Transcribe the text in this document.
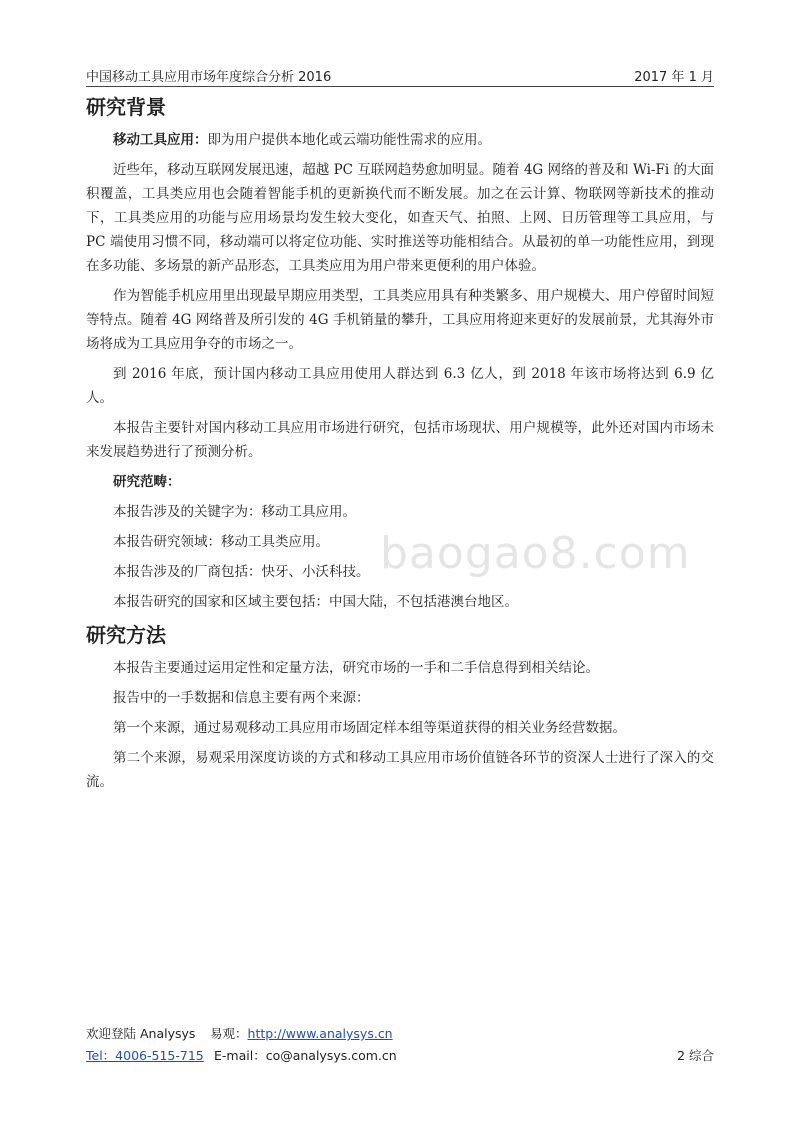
中国移动工具应用市场年度综合分析 2016	2017 年 1 月
研究背景

移动工具应用：即为用户提供本地化或云端功能性需求的应用。

近些年，移动互联网发展迅速，超越 PC 互联网趋势愈加明显。随着 4G 网络的普及和 Wi-Fi 的大面积覆盖，工具类应用也会随着智能手机的更新换代而不断发展。加之在云计算、物联网等新技术的推动下，工具类应用的功能与应用场景均发生较大变化，如查天气、拍照、上网、日历管理等工具应用，与 PC 端使用习惯不同，移动端可以将定位功能、实时推送等功能相结合。从最初的单一功能性应用，到现在多功能、多场景的新产品形态，工具类应用为用户带来更便利的用户体验。

作为智能手机应用里出现最早期应用类型，工具类应用具有种类繁多、用户规模大、用户停留时间短等特点。随着 4G 网络普及所引发的 4G 手机销量的攀升，工具应用将迎来更好的发展前景，尤其海外市场将成为工具应用争夺的市场之一。

到 2016 年底，预计国内移动工具应用使用人群达到 6.3 亿人，到 2018 年该市场将达到 6.9 亿人。

本报告主要针对国内移动工具应用市场进行研究，包括市场现状、用户规模等，此外还对国内市场未来发展趋势进行了预测分析。

研究范畴：

本报告涉及的关键字为：移动工具应用。

本报告研究领域：移动工具类应用。

本报告涉及的厂商包括：快牙、小沃科技。

本报告研究的国家和区域主要包括：中国大陆，不包括港澳台地区。

研究方法

本报告主要通过运用定性和定量方法，研究市场的一手和二手信息得到相关结论。

报告中的一手数据和信息主要有两个来源：

第一个来源，通过易观移动工具应用市场固定样本组等渠道获得的相关业务经营数据。

第二个来源，易观采用深度访谈的方式和移动工具应用市场价值链各环节的资深人士进行了深入的交流。

baogao8.com
欢迎登陆 Analysys 易观：http://www.analysys.cn
Tel：4006-515-715 E-mail：co@analysys.com.cn	2 综合
